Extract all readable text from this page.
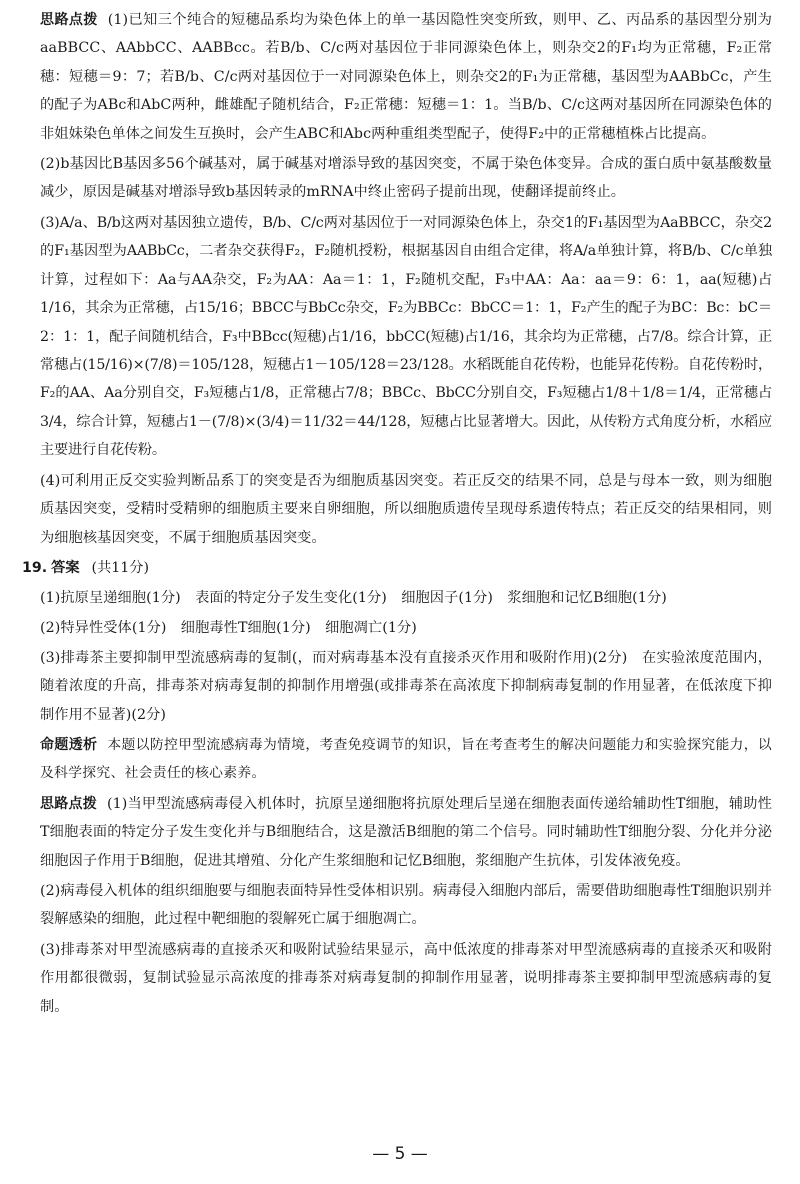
思路点拨 (1)已知三个纯合的短穗品系均为染色体上的单一基因隐性突变所致，则甲、乙、丙品系的基因型分别为aaBBCC、AAbbCC、AABBcc。若B/b、C/c两对基因位于非同源染色体上，则杂交2的F₁均为正常穗，F₂正常穗：短穗＝9：7；若B/b、C/c两对基因位于一对同源染色体上，则杂交2的F₁为正常穗，基因型为AABbCc，产生的配子为ABc和AbC两种，雌雄配子随机结合，F₂正常穗：短穗＝1：1。当B/b、C/c这两对基因所在同源染色体的非姐妹染色单体之间发生互换时，会产生ABC和Abc两种重组类型配子，使得F₂中的正常穗植株占比提高。

(2)b基因比B基因多56个碱基对，属于碱基对增添导致的基因突变，不属于染色体变异。合成的蛋白质中氨基酸数量减少，原因是碱基对增添导致b基因转录的mRNA中终止密码子提前出现，使翻译提前终止。

(3)A/a、B/b这两对基因独立遗传，B/b、C/c两对基因位于一对同源染色体上，杂交1的F₁基因型为AaBBCC，杂交2的F₁基因型为AABbCc，二者杂交获得F₂，F₂随机授粉，根据基因自由组合定律，将A/a单独计算，将B/b、C/c单独计算，过程如下：Aa与AA杂交，F₂为AA：Aa＝1：1，F₂随机交配，F₃中AA：Aa：aa＝9：6：1，aa(短穗)占1/16，其余为正常穗，占15/16；BBCC与BbCc杂交，F₂为BBCc：BbCC＝1：1，F₂产生的配子为BC：Bc：bC＝2：1：1，配子间随机结合，F₃中BBcc(短穗)占1/16，bbCC(短穗)占1/16，其余均为正常穗，占7/8。综合计算，正常穗占(15/16)×(7/8)＝105/128，短穗占1－105/128＝23/128。水稻既能自花传粉，也能异花传粉。自花传粉时，F₂的AA、Aa分别自交，F₃短穗占1/8，正常穗占7/8；BBCc、BbCC分别自交，F₃短穗占1/8＋1/8＝1/4，正常穗占3/4，综合计算，短穗占1－(7/8)×(3/4)＝11/32＝44/128，短穗占比显著增大。因此，从传粉方式角度分析，水稻应主要进行自花传粉。

(4)可利用正反交实验判断品系丁的突变是否为细胞质基因突变。若正反交的结果不同，总是与母本一致，则为细胞质基因突变，受精时受精卵的细胞质主要来自卵细胞，所以细胞质遗传呈现母系遗传特点；若正反交的结果相同，则为细胞核基因突变，不属于细胞质基因突变。

19. 答案 (共11分)

(1)抗原呈递细胞(1分)　表面的特定分子发生变化(1分)　细胞因子(1分)　浆细胞和记忆B细胞(1分)

(2)特异性受体(1分)　细胞毒性T细胞(1分)　细胞凋亡(1分)

(3)排毒茶主要抑制甲型流感病毒的复制(，而对病毒基本没有直接杀灭作用和吸附作用)(2分)　在实验浓度范围内，随着浓度的升高，排毒茶对病毒复制的抑制作用增强(或排毒茶在高浓度下抑制病毒复制的作用显著，在低浓度下抑制作用不显著)(2分)

命题透析 本题以防控甲型流感病毒为情境，考查免疫调节的知识，旨在考查考生的解决问题能力和实验探究能力，以及科学探究、社会责任的核心素养。

思路点拨 (1)当甲型流感病毒侵入机体时，抗原呈递细胞将抗原处理后呈递在细胞表面传递给辅助性T细胞，辅助性T细胞表面的特定分子发生变化并与B细胞结合，这是激活B细胞的第二个信号。同时辅助性T细胞分裂、分化并分泌细胞因子作用于B细胞，促进其增殖、分化产生浆细胞和记忆B细胞，浆细胞产生抗体，引发体液免疫。

(2)病毒侵入机体的组织细胞要与细胞表面特异性受体相识别。病毒侵入细胞内部后，需要借助细胞毒性T细胞识别并裂解感染的细胞，此过程中靶细胞的裂解死亡属于细胞凋亡。

(3)排毒茶对甲型流感病毒的直接杀灭和吸附试验结果显示，高中低浓度的排毒茶对甲型流感病毒的直接杀灭和吸附作用都很微弱，复制试验显示高浓度的排毒茶对病毒复制的抑制作用显著，说明排毒茶主要抑制甲型流感病毒的复制。

— 5 —
